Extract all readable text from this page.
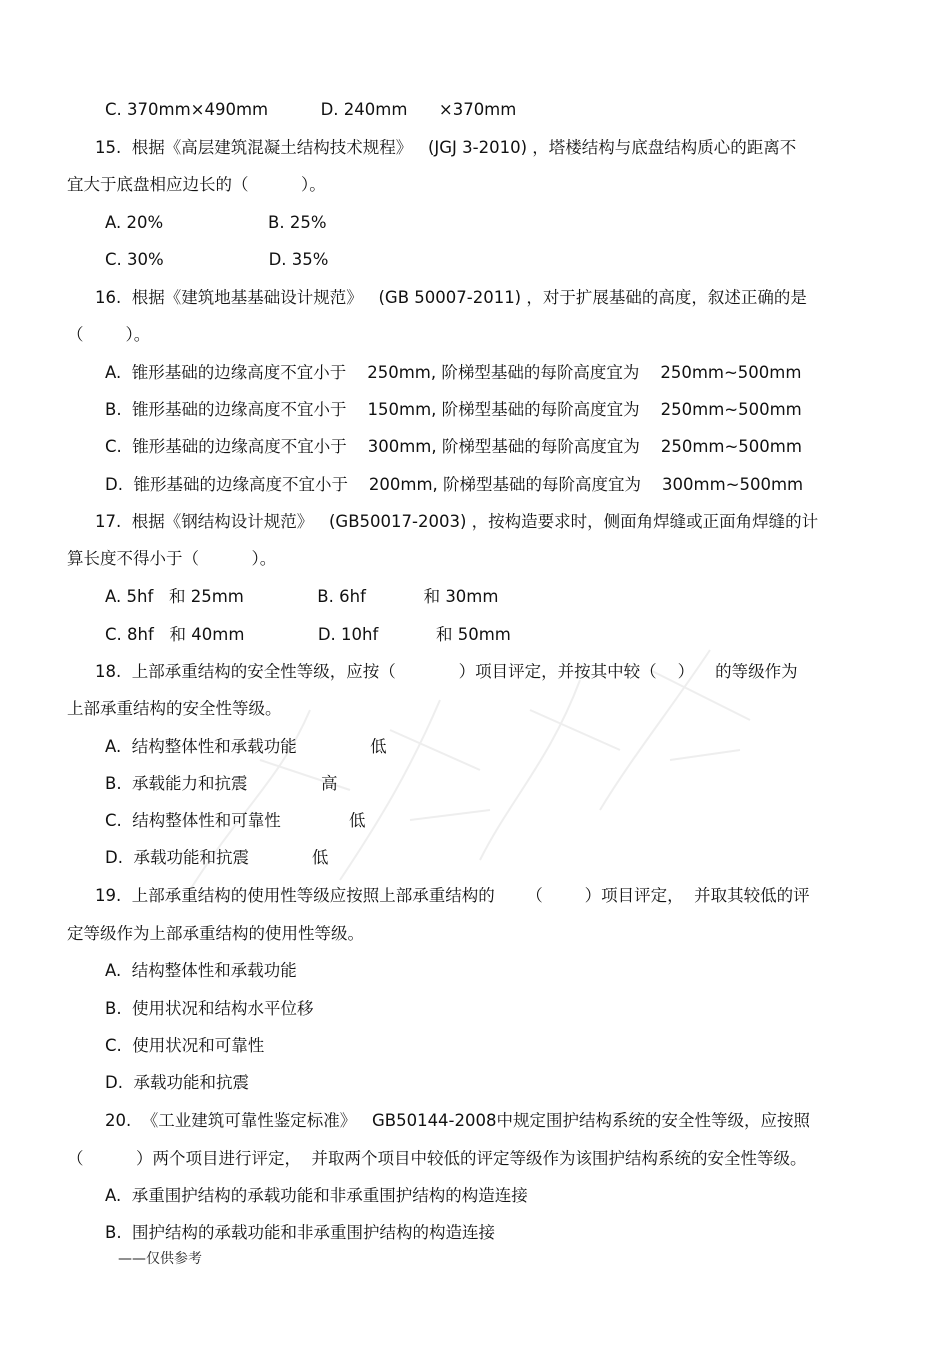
C. 370mm×490mm          D. 240mm      ×370mm
15.  根据《高层建筑混凝土结构技术规程》   (JGJ 3-2010) ，塔楼结构与底盘结构质心的距离不
宜大于底盘相应边长的（          ）。
A. 20%                    B. 25%
C. 30%                    D. 35%
16.  根据《建筑地基基础设计规范》   (GB 50007-2011) ，对于扩展基础的高度，叙述正确的是
（        ）。
A.  锥形基础的边缘高度不宜小于    250mm, 阶梯型基础的每阶高度宜为    250mm~500mm
B.  锥形基础的边缘高度不宜小于    150mm, 阶梯型基础的每阶高度宜为    250mm~500mm
C.  锥形基础的边缘高度不宜小于    300mm, 阶梯型基础的每阶高度宜为    250mm~500mm
D.  锥形基础的边缘高度不宜小于    200mm, 阶梯型基础的每阶高度宜为    300mm~500mm
17.  根据《钢结构设计规范》   (GB50017-2003) ，按构造要求时，侧面角焊缝或正面角焊缝的计
算长度不得小于（          ）。
A. 5hf   和 25mm              B. 6hf           和 30mm
C. 8hf   和 40mm              D. 10hf           和 50mm
18.  上部承重结构的安全性等级，应按（            ）项目评定，并按其中较（    ）    的等级作为
上部承重结构的安全性等级。
A.  结构整体性和承载功能              低
B.  承载能力和抗震              高
C.  结构整体性和可靠性             低
D.  承载功能和抗震            低
19.  上部承重结构的使用性等级应按照上部承重结构的      （        ）项目评定，  并取其较低的评
定等级作为上部承重结构的使用性等级。
A.  结构整体性和承载功能
B.  使用状况和结构水平位移
C.  使用状况和可靠性
D.  承载功能和抗震
20.  《工业建筑可靠性鉴定标准》   GB50144-2008中规定围护结构系统的安全性等级，应按照
（          ）两个项目进行评定，  并取两个项目中较低的评定等级作为该围护结构系统的安全性等级。
A.  承重围护结构的承载功能和非承重围护结构的构造连接
B.  围护结构的承载功能和非承重围护结构的构造连接
——仅供参考
